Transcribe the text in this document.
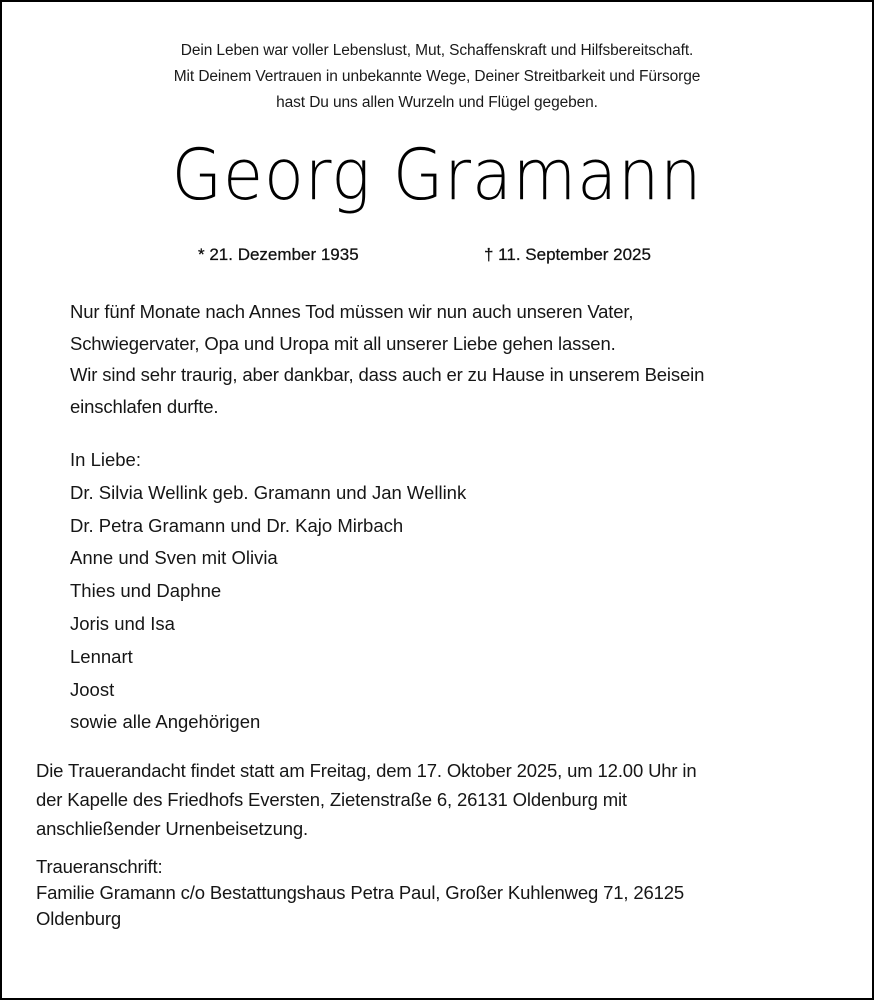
Dein Leben war voller Lebenslust, Mut, Schaffenskraft und Hilfsbereitschaft.
Mit Deinem Vertrauen in unbekannte Wege, Deiner Streitbarkeit und Fürsorge
hast Du uns allen Wurzeln und Flügel gegeben.
Georg Gramann
* 21. Dezember 1935	† 11. September 2025
Nur fünf Monate nach Annes Tod müssen wir nun auch unseren Vater,
Schwiegervater, Opa und Uropa mit all unserer Liebe gehen lassen.
Wir sind sehr traurig, aber dankbar, dass auch er zu Hause in unserem Beisein
einschlafen durfte.
In Liebe:
Dr. Silvia Wellink geb. Gramann und Jan Wellink
Dr. Petra Gramann und Dr. Kajo Mirbach
Anne und Sven mit Olivia
Thies und Daphne
Joris und Isa
Lennart
Joost
sowie alle Angehörigen
Die Trauerandacht findet statt am Freitag, dem 17. Oktober 2025, um 12.00 Uhr in
der Kapelle des Friedhofs Eversten, Zietenstraße 6, 26131 Oldenburg mit
anschließender Urnenbeisetzung.
Traueranschrift:
Familie Gramann c/o Bestattungshaus Petra Paul, Großer Kuhlenweg 71, 26125
Oldenburg
